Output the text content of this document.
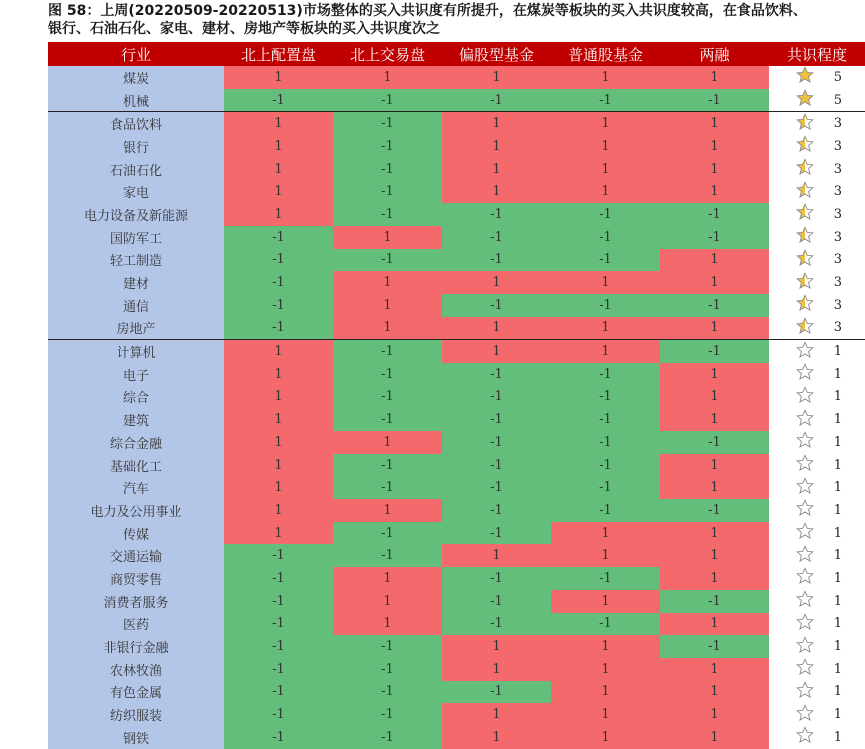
图 58：上周(20220509-20220513)市场整体的买入共识度有所提升，在煤炭等板块的买入共识度较高，在食品饮料、
银行、石油石化、家电、建材、房地产等板块的买入共识度次之
行业	北上配置盘	北上交易盘	偏股型基金	普通股基金	两融	共识程度
煤炭	1	1	1	1	1	5
机械	-1	-1	-1	-1	-1	5
食品饮料	1	-1	1	1	1	3
银行	1	-1	1	1	1	3
石油石化	1	-1	1	1	1	3
家电	1	-1	1	1	1	3
电力设备及新能源	1	-1	-1	-1	-1	3
国防军工	-1	1	-1	-1	-1	3
轻工制造	-1	-1	-1	-1	1	3
建材	-1	1	1	1	1	3
通信	-1	1	-1	-1	-1	3
房地产	-1	1	1	1	1	3
计算机	1	-1	1	1	-1	1
电子	1	-1	-1	-1	1	1
综合	1	-1	-1	-1	1	1
建筑	1	-1	-1	-1	1	1
综合金融	1	1	-1	-1	-1	1
基础化工	1	-1	-1	-1	1	1
汽车	1	-1	-1	-1	1	1
电力及公用事业	1	1	-1	-1	-1	1
传媒	1	-1	-1	1	1	1
交通运输	-1	-1	1	1	1	1
商贸零售	-1	1	-1	-1	1	1
消费者服务	-1	1	-1	1	-1	1
医药	-1	1	-1	-1	1	1
非银行金融	-1	-1	1	1	-1	1
农林牧渔	-1	-1	1	1	1	1
有色金属	-1	-1	-1	1	1	1
纺织服装	-1	-1	1	1	1	1
钢铁	-1	-1	1	1	1	1
